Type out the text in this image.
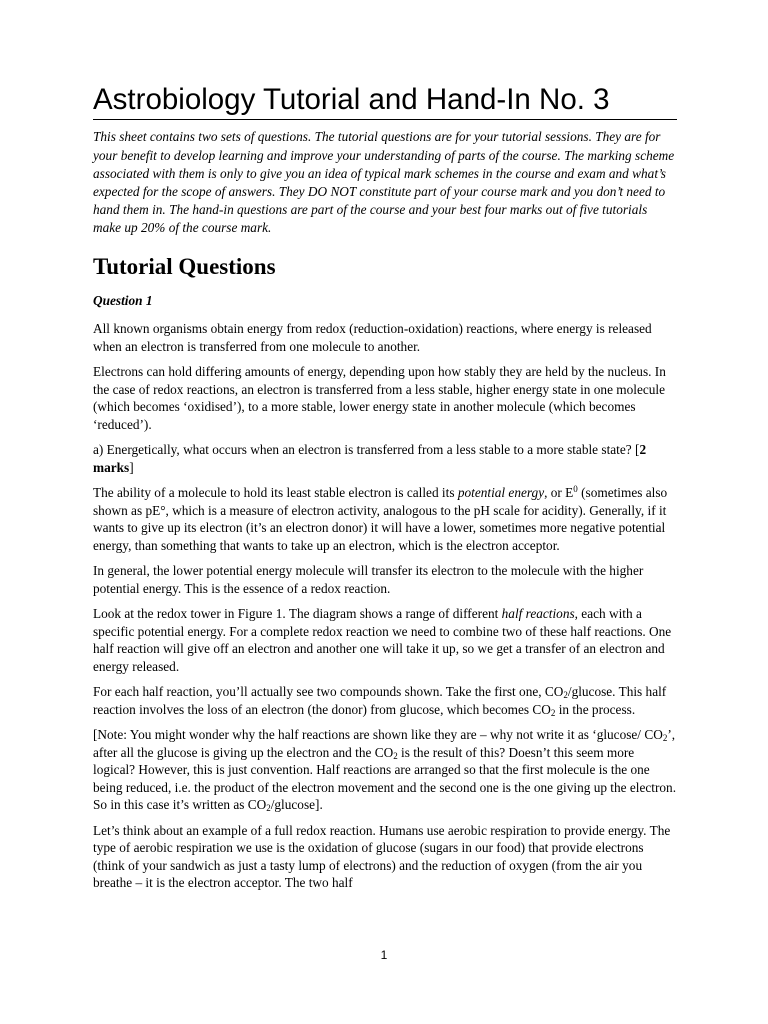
Astrobiology Tutorial and Hand-In No. 3

This sheet contains two sets of questions. The tutorial questions are for your tutorial sessions. They are for your benefit to develop learning and improve your understanding of parts of the course. The marking scheme associated with them is only to give you an idea of typical mark schemes in the course and exam and what’s expected for the scope of answers. They DO NOT constitute part of your course mark and you don’t need to hand them in. The hand-in questions are part of the course and your best four marks out of five tutorials make up 20% of the course mark.

Tutorial Questions
Question 1

All known organisms obtain energy from redox (reduction-oxidation) reactions, where energy is released when an electron is transferred from one molecule to another.

Electrons can hold differing amounts of energy, depending upon how stably they are held by the nucleus. In the case of redox reactions, an electron is transferred from a less stable, higher energy state in one molecule (which becomes ‘oxidised’), to a more stable, lower energy state in another molecule (which becomes ‘reduced’).

a) Energetically, what occurs when an electron is transferred from a less stable to a more stable state? [2 marks]

The ability of a molecule to hold its least stable electron is called its potential energy, or $E^0$ (sometimes also shown as pE°, which is a measure of electron activity, analogous to the pH scale for acidity). Generally, if it wants to give up its electron (it’s an electron donor) it will have a lower, sometimes more negative potential energy, than something that wants to take up an electron, which is the electron acceptor.

In general, the lower potential energy molecule will transfer its electron to the molecule with the higher potential energy. This is the essence of a redox reaction.

Look at the redox tower in Figure 1. The diagram shows a range of different half reactions, each with a specific potential energy. For a complete redox reaction we need to combine two of these half reactions. One half reaction will give off an electron and another one will take it up, so we get a transfer of an electron and energy released.

For each half reaction, you’ll actually see two compounds shown. Take the first one, $CO_2$/glucose. This half reaction involves the loss of an electron (the donor) from glucose, which becomes $CO_2$ in the process.

[Note: You might wonder why the half reactions are shown like they are – why not write it as ‘glucose/ $CO_2$’, after all the glucose is giving up the electron and the $CO_2$ is the result of this? Doesn’t this seem more logical? However, this is just convention. Half reactions are arranged so that the first molecule is the one being reduced, i.e. the product of the electron movement and the second one is the one giving up the electron. So in this case it’s written as $CO_2/glucose$].

Let’s think about an example of a full redox reaction. Humans use aerobic respiration to provide energy. The type of aerobic respiration we use is the oxidation of glucose (sugars in our food) that provide electrons (think of your sandwich as just a tasty lump of electrons) and the reduction of oxygen (from the air you breathe – it is the electron acceptor. The two half

1
